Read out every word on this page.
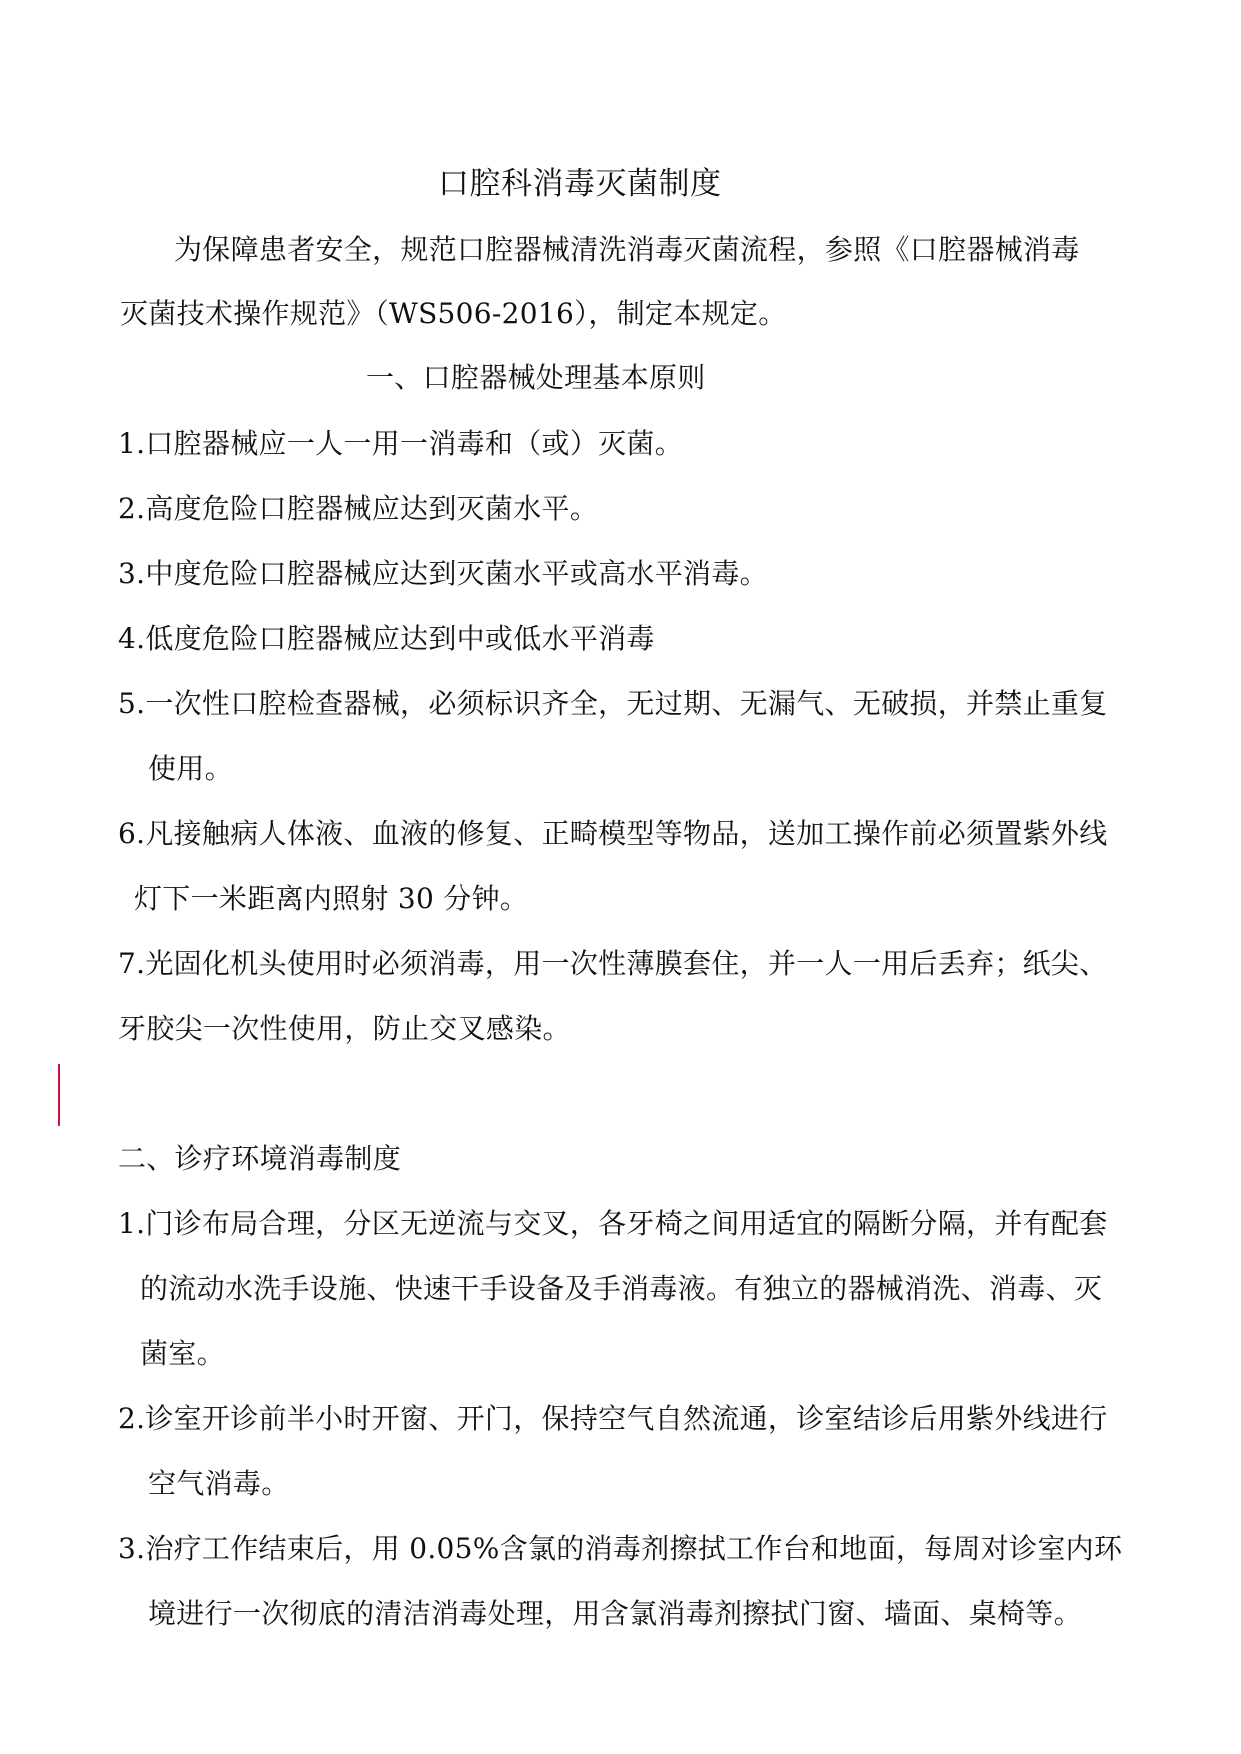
口腔科消毒灭菌制度
为保障患者安全，规范口腔器械清洗消毒灭菌流程，参照《口腔器械消毒
灭菌技术操作规范》（WS506-2016），制定本规定。
一、口腔器械处理基本原则
1.口腔器械应一人一用一消毒和（或）灭菌。
2.高度危险口腔器械应达到灭菌水平。
3.中度危险口腔器械应达到灭菌水平或高水平消毒。
4.低度危险口腔器械应达到中或低水平消毒
5.一次性口腔检查器械，必须标识齐全，无过期、无漏气、无破损，并禁止重复
使用。
6.凡接触病人体液、血液的修复、正畸模型等物品，送加工操作前必须置紫外线
灯下一米距离内照射 30 分钟。
7.光固化机头使用时必须消毒，用一次性薄膜套住，并一人一用后丢弃；纸尖、
牙胶尖一次性使用，防止交叉感染。
二、诊疗环境消毒制度
1.门诊布局合理，分区无逆流与交叉，各牙椅之间用适宜的隔断分隔，并有配套
的流动水洗手设施、快速干手设备及手消毒液。有独立的器械消洗、消毒、灭
菌室。
2.诊室开诊前半小时开窗、开门，保持空气自然流通，诊室结诊后用紫外线进行
空气消毒。
3.治疗工作结束后，用 0.05%含氯的消毒剂擦拭工作台和地面，每周对诊室内环
境进行一次彻底的清洁消毒处理，用含氯消毒剂擦拭门窗、墙面、桌椅等。
